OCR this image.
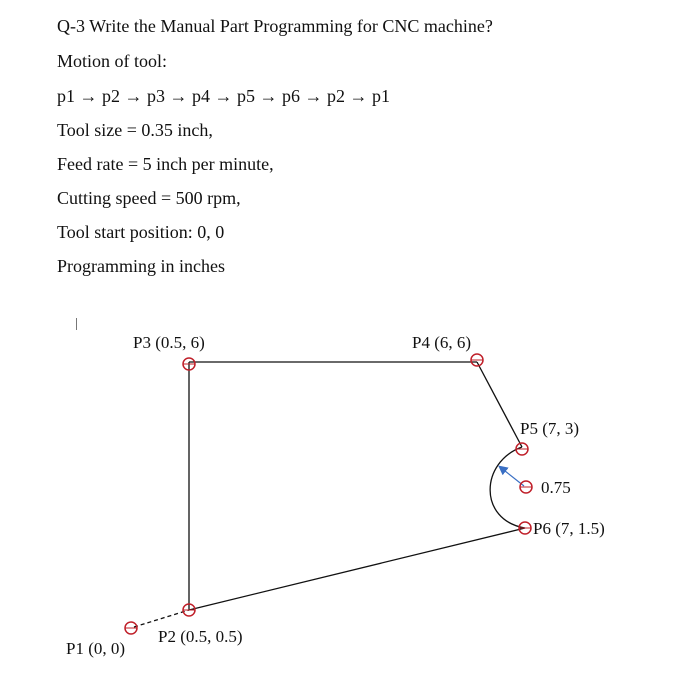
Q-3 Write the Manual Part Programming for CNC machine?
Motion of tool:
p1 → p2 → p3 → p4 → p5 → p6 → p2 → p1
Tool size = 0.35 inch,
Feed rate = 5 inch per minute,
Cutting speed = 500 rpm,
Tool start position: 0, 0
Programming in inches
P3 (0.5, 6)	P4 (6, 6)
P5 (7, 3)
0.75
P6 (7, 1.5)
P2 (0.5, 0.5)
P1 (0, 0)
